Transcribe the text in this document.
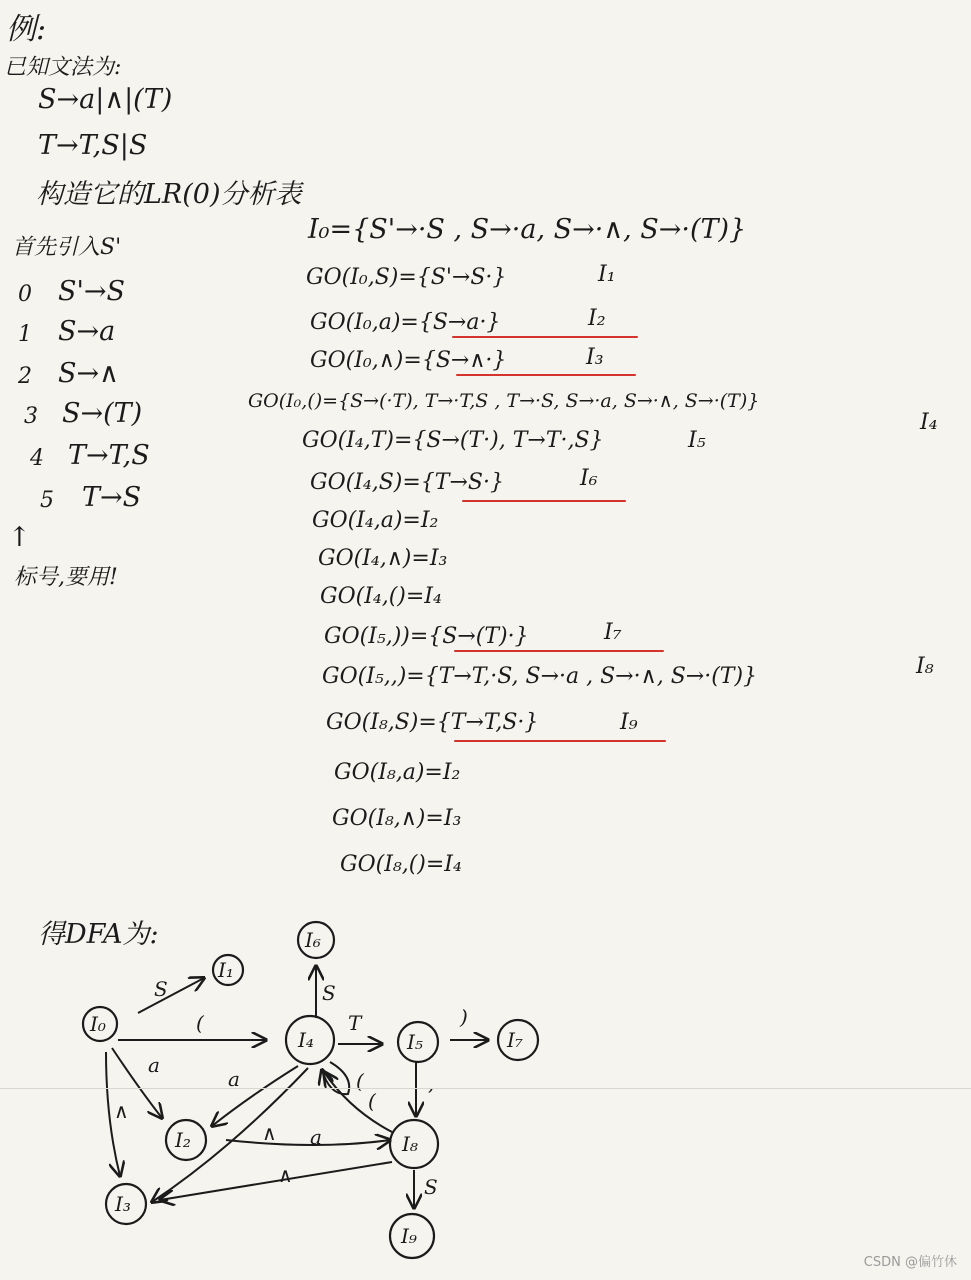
例:
已知文法为:
S→a|∧|(T)
T→T,S|S
构造它的LR(0)分析表
首先引入S'
0 S'→S
1 S→a
2 S→∧
3 S→(T)
4 T→T,S
5 T→S
↑
标号,要用!
I₀={S'→·S , S→·a, S→·∧, S→·(T)}
GO(I₀,S)={S'→S·}	I₁
GO(I₀,a)={S→a·}	I₂
GO(I₀,∧)={S→∧·}	I₃
GO(I₀,()={S→(·T), T→·T,S , T→·S, S→·a, S→·∧, S→·(T)}
I₄
GO(I₄,T)={S→(T·), T→T·,S}	I₅
GO(I₄,S)={T→S·}	I₆
GO(I₄,a)=I₂
GO(I₄,∧)=I₃
GO(I₄,()=I₄
GO(I₅,))={S→(T)·}	I₇
GO(I₅,,)={T→T,·S, S→·a , S→·∧, S→·(T)}	I₈
GO(I₈,S)={T→T,S·}	I₉
GO(I₈,a)=I₂
GO(I₈,∧)=I₃
GO(I₈,()=I₄
得DFA为:
S
(
a
∧
S
T	)
,
a
∧
(
a
∧
(
S
I₀
I₁
I₂
I₃
I₄	I₅
I₆
I₇
I₈
I₉
CSDN @偏竹休
